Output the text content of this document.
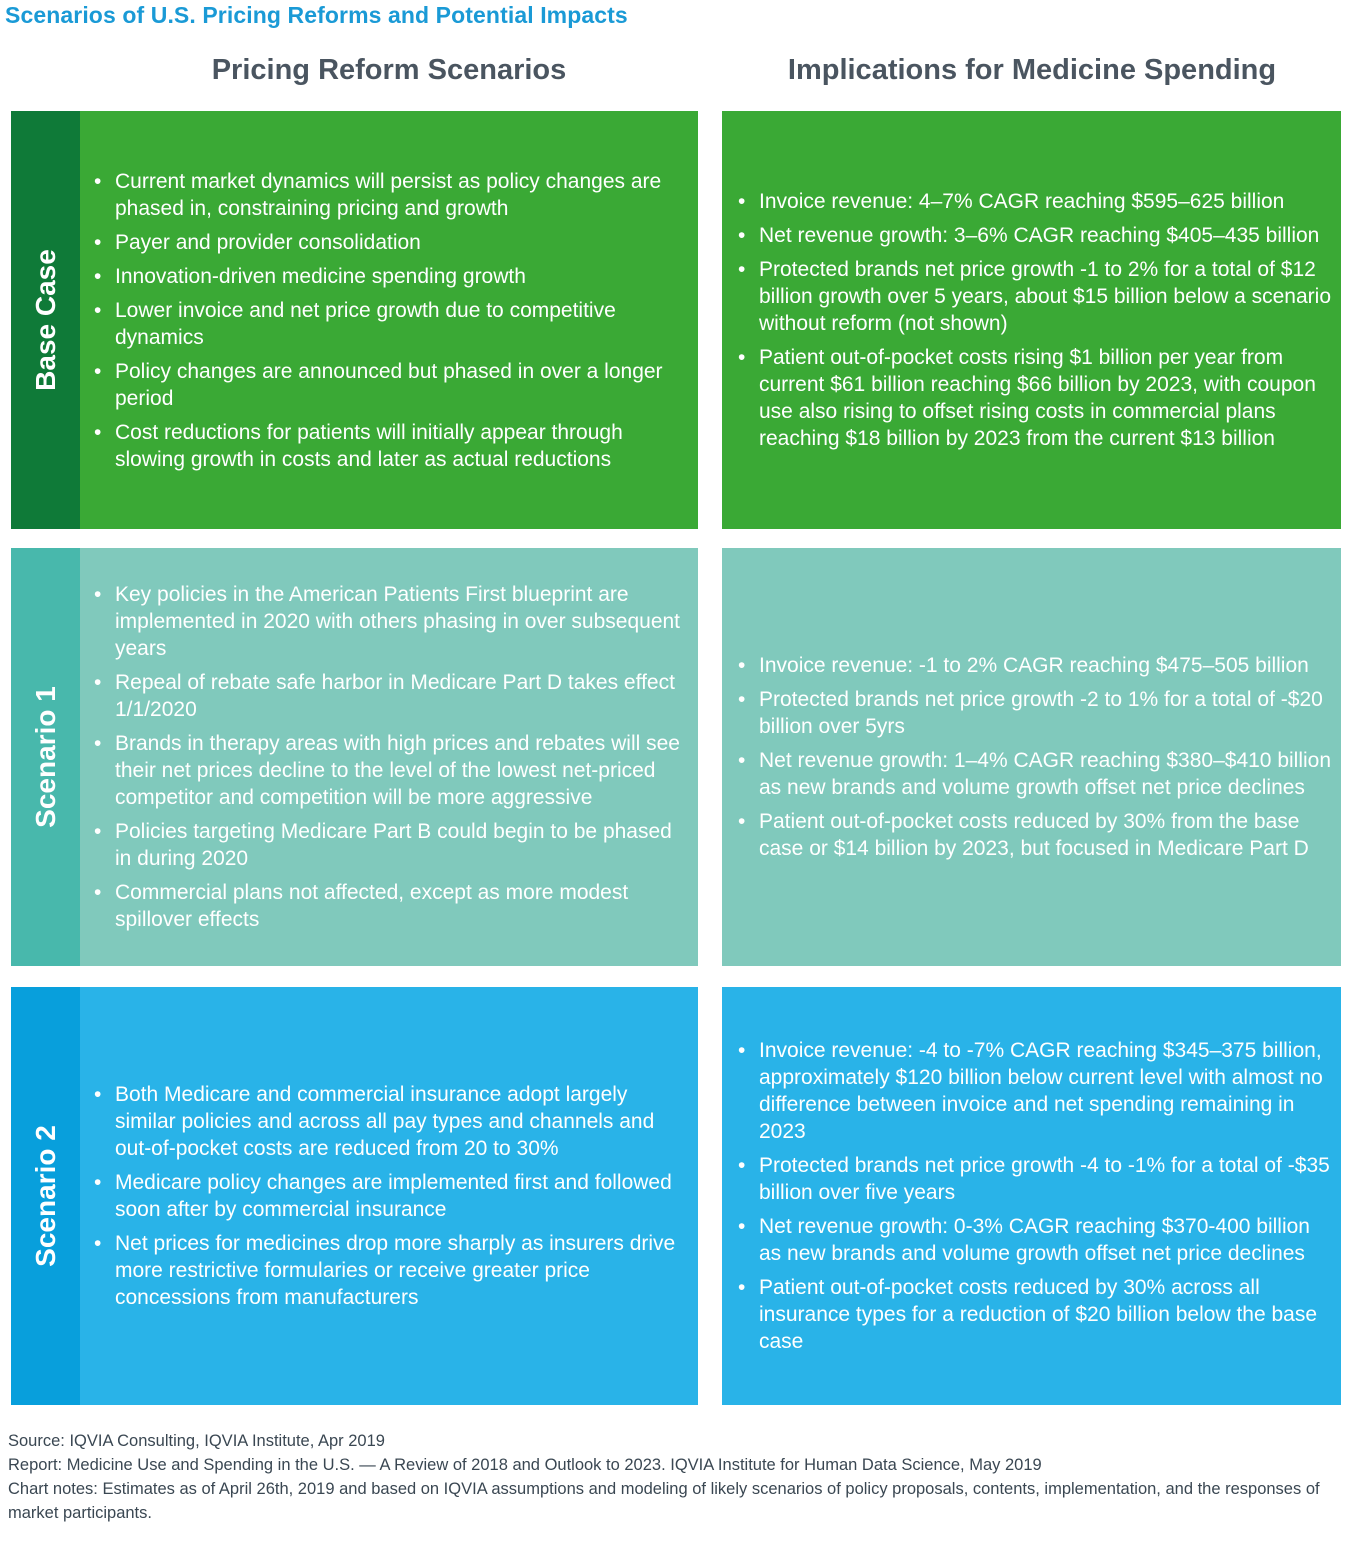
Scenarios of U.S. Pricing Reforms and Potential Impacts
Pricing Reform Scenarios	Implications for Medicine Spending
Base Case
• Current market dynamics will persist as policy changes are phased in, constraining pricing and growth
• Payer and provider consolidation
• Innovation-driven medicine spending growth
• Lower invoice and net price growth due to competitive dynamics
• Policy changes are announced but phased in over a longer period
• Cost reductions for patients will initially appear through slowing growth in costs and later as actual reductions
• Invoice revenue: 4–7% CAGR reaching $595–625 billion
• Net revenue growth: 3–6% CAGR reaching $405–435 billion
• Protected brands net price growth -1 to 2% for a total of $12 billion growth over 5 years, about $15 billion below a scenario without reform (not shown)
• Patient out-of-pocket costs rising $1 billion per year from current $61 billion reaching $66 billion by 2023, with coupon use also rising to offset rising costs in commercial plans reaching $18 billion by 2023 from the current $13 billion
Scenario 1
• Key policies in the American Patients First blueprint are implemented in 2020 with others phasing in over subsequent years
• Repeal of rebate safe harbor in Medicare Part D takes effect 1/1/2020
• Brands in therapy areas with high prices and rebates will see their net prices decline to the level of the lowest net-priced competitor and competition will be more aggressive
• Policies targeting Medicare Part B could begin to be phased in during 2020
• Commercial plans not affected, except as more modest spillover effects
• Invoice revenue: -1 to 2% CAGR reaching $475–505 billion
• Protected brands net price growth -2 to 1% for a total of -$20 billion over 5yrs
• Net revenue growth: 1–4% CAGR reaching $380–$410 billion as new brands and volume growth offset net price declines
• Patient out-of-pocket costs reduced by 30% from the base case or $14 billion by 2023, but focused in Medicare Part D
Scenario 2
• Both Medicare and commercial insurance adopt largely similar policies and across all pay types and channels and out-of-pocket costs are reduced from 20 to 30%
• Medicare policy changes are implemented first and followed soon after by commercial insurance
• Net prices for medicines drop more sharply as insurers drive more restrictive formularies or receive greater price concessions from manufacturers
• Invoice revenue: -4 to -7% CAGR reaching $345–375 billion, approximately $120 billion below current level with almost no difference between invoice and net spending remaining in 2023
• Protected brands net price growth -4 to -1% for a total of -$35 billion over five years
• Net revenue growth: 0-3% CAGR reaching $370-400 billion as new brands and volume growth offset net price declines
• Patient out-of-pocket costs reduced by 30% across all insurance types for a reduction of $20 billion below the base case
Source: IQVIA Consulting, IQVIA Institute, Apr 2019
Report: Medicine Use and Spending in the U.S. — A Review of 2018 and Outlook to 2023. IQVIA Institute for Human Data Science, May 2019
Chart notes: Estimates as of April 26th, 2019 and based on IQVIA assumptions and modeling of likely scenarios of policy proposals, contents, implementation, and the responses of market participants.
